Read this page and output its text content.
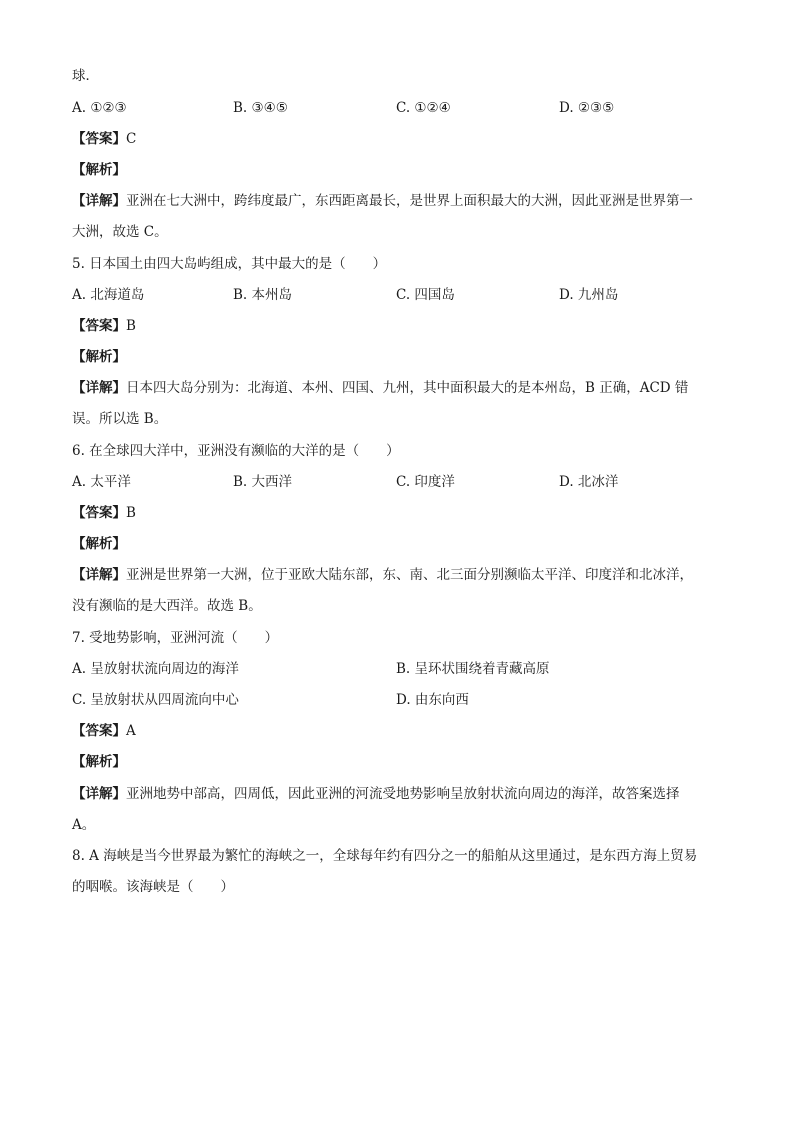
球．
A. ①②③	B. ③④⑤	C. ①②④	D. ②③⑤
【答案】C
【解析】
【详解】亚洲在七大洲中，跨纬度最广，东西距离最长，是世界上面积最大的大洲，因此亚洲是世界第一
大洲，故选 C。
5. 日本国土由四大岛屿组成，其中最大的是（　　）
A. 北海道岛	B. 本州岛	C. 四国岛	D. 九州岛
【答案】B
【解析】
【详解】日本四大岛分别为：北海道、本州、四国、九州，其中面积最大的是本州岛，B 正确，ACD 错
误。所以选 B。
6. 在全球四大洋中，亚洲没有濒临的大洋的是（　　）
A. 太平洋	B. 大西洋	C. 印度洋	D. 北冰洋
【答案】B
【解析】
【详解】亚洲是世界第一大洲，位于亚欧大陆东部，东、南、北三面分别濒临太平洋、印度洋和北冰洋，
没有濒临的是大西洋。故选 B。
7. 受地势影响，亚洲河流（　　）
A. 呈放射状流向周边的海洋	B. 呈环状围绕着青藏高原
C. 呈放射状从四周流向中心	D. 由东向西
【答案】A
【解析】
【详解】亚洲地势中部高，四周低，因此亚洲的河流受地势影响呈放射状流向周边的海洋，故答案选择
A。
8. A 海峡是当今世界最为繁忙的海峡之一，全球每年约有四分之一的船舶从这里通过，是东西方海上贸易
的咽喉。该海峡是（　　）
